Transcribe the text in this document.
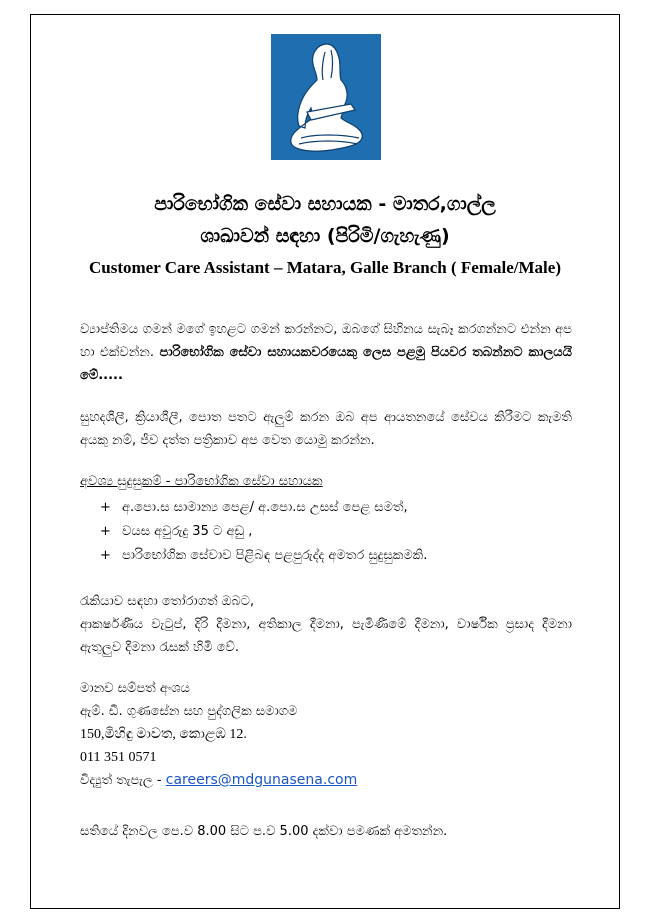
පාරිභෝගික සේවා සහායක - මාතර,ගාල්ල
ශාඛාවන් සඳහා (පිරිමි/ගැහැණු)
Customer Care Assistant – Matara, Galle Branch ( Female/Male)
ව්‍යාප්තිමය ගමන් මගේ ඉහළට ගමන් කරන්නට, ඔබගේ සිහිනය සැබෑ කරගන්නට එන්න අප හා එක්වන්න. පාරිභෝගික සේවා සහායකවරයෙකු ලෙස පළමු පියවර තබන්නට කාලයයි මේ.....
සුහදශීලී, ක්‍රියාශීලී, පොත පතට ඇලුම් කරන ඔබ අප ආයතනයේ සේවය කිරීමට කැමති අයකු නම්, ජීව දත්ත පත්‍රිකාව අප වෙත යොමු කරන්න.
අවශ්‍ය සුදුසුකම් - පාරිභෝගික සේවා සහායක
+ අ.පො.ස සාමාන්‍ය පෙළ/ අ.පො.ස උසස් පෙළ සමත්,
+ වයස අවුරුදු 35 ට අඩු ,
+ පාරිභෝගික සේවාව පිළිබඳ පළපුරුද්ද අමතර සුදුසුකමකි.
රැකියාව සඳහා තෝරාගත් ඔබට,
ආකර්ෂණීය වැටුප්, දිරි දීමනා, අතිකාල දීමනා, පැමිණීමේ දීමනා, වාර්ෂික ප්‍රසාද දීමනා ඇතුලුව දීමනා රැසක් හිමි වේ.
මානව සම්පත් අංශය
ඇම්. ඩී. ගුණසේන සහ පුද්ගලික සමාගම
150,මිහිඳු මාවත, කොළඹ 12.
011 351 0571
විද්‍යුත් තැපැල - careers@mdgunasena.com
සතියේ දිනවල පෙ.ව 8.00 සිට ප.ව 5.00 දක්වා පමණක් අමතන්න.
